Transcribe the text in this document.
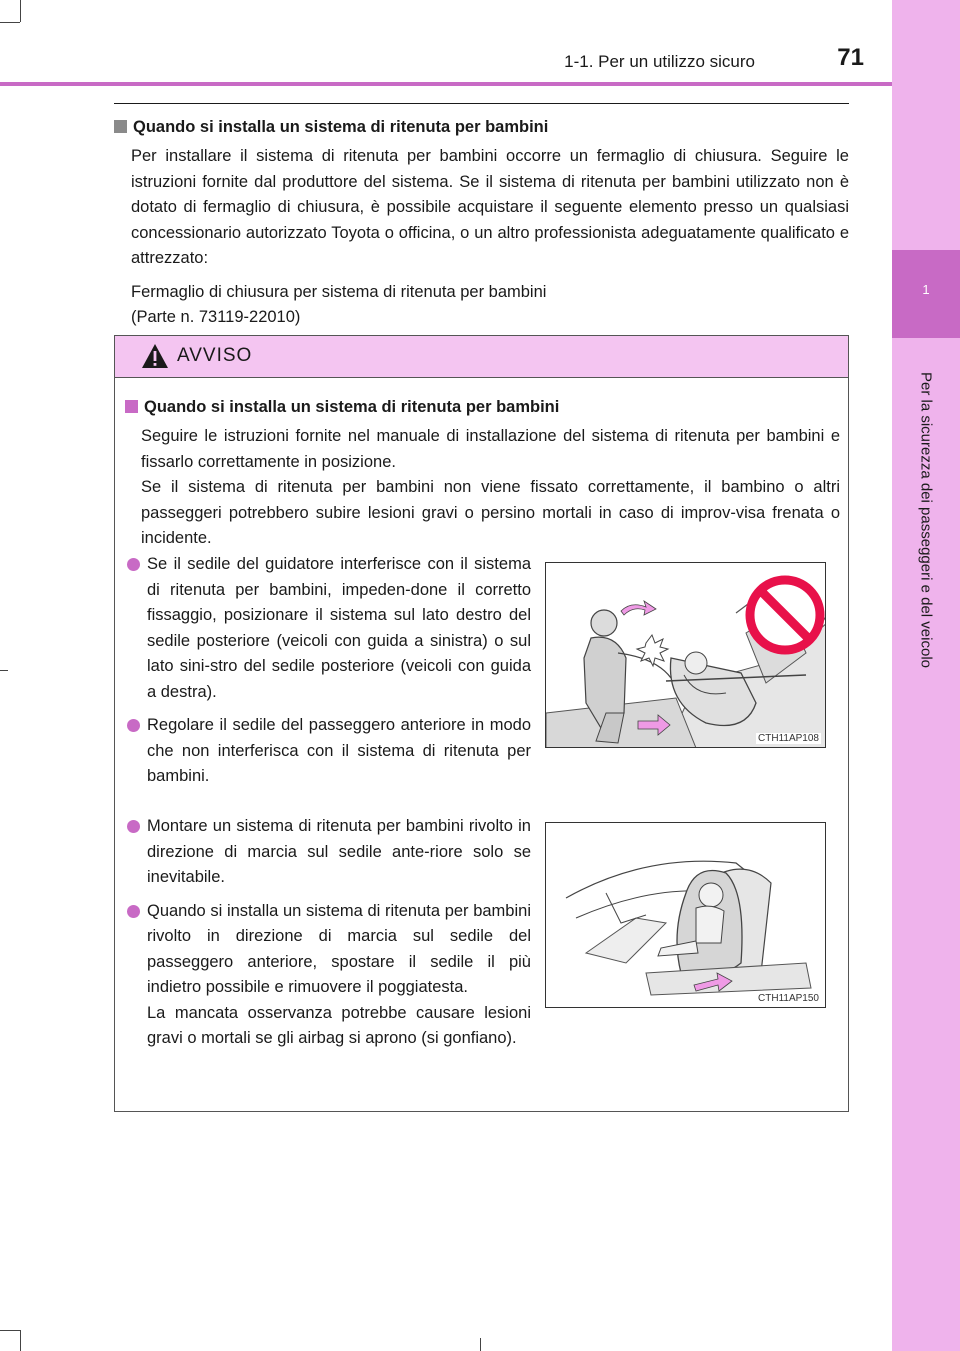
1
Per la sicurezza dei passeggeri e del veicolo
1-1. Per un utilizzo sicuro	71
Quando si installa un sistema di ritenuta per bambini

Per installare il sistema di ritenuta per bambini occorre un fermaglio di chiusura. Seguire le istruzioni fornite dal produttore del sistema. Se il sistema di ritenuta per bambini utilizzato non è dotato di fermaglio di chiusura, è possibile acquistare il seguente elemento presso un qualsiasi concessionario autorizzato Toyota o officina, o un altro professionista adeguatamente qualificato e attrezzato:

Fermaglio di chiusura per sistema di ritenuta per bambini

(Parte n. 73119-22010)

AVVISO
Quando si installa un sistema di ritenuta per bambini

Seguire le istruzioni fornite nel manuale di installazione del sistema di ritenuta per bambini e fissarlo correttamente in posizione.

Se il sistema di ritenuta per bambini non viene fissato correttamente, il bambino o altri passeggeri potrebbero subire lesioni gravi o persino mortali in caso di improv-visa frenata o incidente.

Se il sedile del guidatore interferisce con il sistema di ritenuta per bambini, impeden-done il corretto fissaggio, posizionare il sistema sul lato destro del sedile posteriore (veicoli con guida a sinistra) o sul lato sini-stro del sedile posteriore (veicoli con guida a destra).

Regolare il sedile del passeggero anteriore in modo che non interferisca con il sistema di ritenuta per bambini.

CTH11AP108

Montare un sistema di ritenuta per bambini rivolto in direzione di marcia sul sedile ante-riore solo se inevitabile.

Quando si installa un sistema di ritenuta per bambini rivolto in direzione di marcia sul sedile del passeggero anteriore, spostare il sedile il più indietro possibile e rimuovere il poggiatesta.

La mancata osservanza potrebbe causare lesioni gravi o mortali se gli airbag si aprono (si gonfiano).

CTH11AP150
